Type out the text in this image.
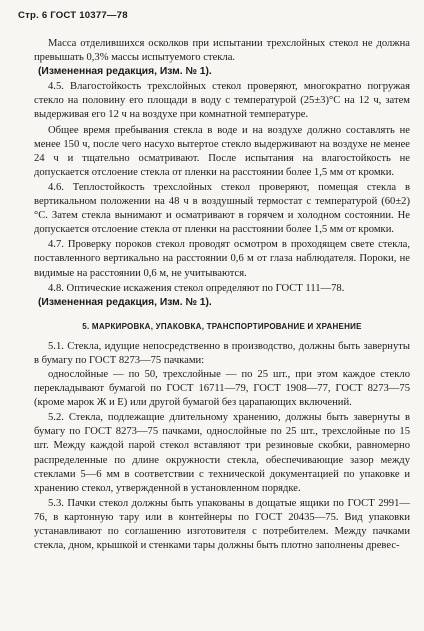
Стр. 6 ГОСТ 10377—78

Масса отделившихся осколков при испытании трехслойных стекол не должна превышать 0,3% массы испытуемого стекла.

(Измененная редакция, Изм. № 1).

4.5. Влагостойкость трехслойных стекол проверяют, многократно погружая стекло на половину его площади в воду с температурой (25±3)°С на 12 ч, затем выдерживая его 12 ч на воздухе при комнатной температуре.

Общее время пребывания стекла в воде и на воздухе должно составлять не менее 150 ч, после чего насухо вытертое стекло выдерживают на воздухе не менее 24 ч и тщательно осматривают. После испытания на влагостойкость не допускается отслоение стекла от пленки на расстоянии более 1,5 мм от кромки.

4.6. Теплостойкость трехслойных стекол проверяют, помещая стекла в вертикальном положении на 48 ч в воздушный термостат с температурой (60±2)°С. Затем стекла вынимают и осматривают в горячем и холодном состоянии. Не допускается отслоение стекла от пленки на расстоянии более 1,5 мм от кромки.

4.7. Проверку пороков стекол проводят осмотром в проходящем свете стекла, поставленного вертикально на расстоянии 0,6 м от глаза наблюдателя. Пороки, не видимые на расстоянии 0,6 м, не учитываются.

4.8. Оптические искажения стекол определяют по ГОСТ 111—78.

(Измененная редакция, Изм. № 1).

5. МАРКИРОВКА, УПАКОВКА, ТРАНСПОРТИРОВАНИЕ И ХРАНЕНИЕ

5.1. Стекла, идущие непосредственно в производство, должны быть завернуты в бумагу по ГОСТ 8273—75 пачками:

однослойные — по 50, трехслойные — по 25 шт., при этом каждое стекло перекладывают бумагой по ГОСТ 16711—79, ГОСТ 1908—77, ГОСТ 8273—75 (кроме марок Ж и Е) или другой бумагой без царапающих включений.

5.2. Стекла, подлежащие длительному хранению, должны быть завернуты в бумагу по ГОСТ 8273—75 пачками, однослойные по 25 шт., трехслойные по 15 шт. Между каждой парой стекол вставляют три резиновые скобки, равномерно распределенные по длине окружности стекла, обеспечивающие зазор между стеклами 5—6 мм в соответствии с технической документацией по упаковке и хранению стекол, утвержденной в установленном порядке.

5.3. Пачки стекол должны быть упакованы в дощатые ящики по ГОСТ 2991—76, в картонную тару или в контейнеры по ГОСТ 20435—75. Вид упаковки устанавливают по соглашению изготовителя с потребителем. Между пачками стекла, дном, крышкой и стенками тары должны быть плотно заполнены древес-
